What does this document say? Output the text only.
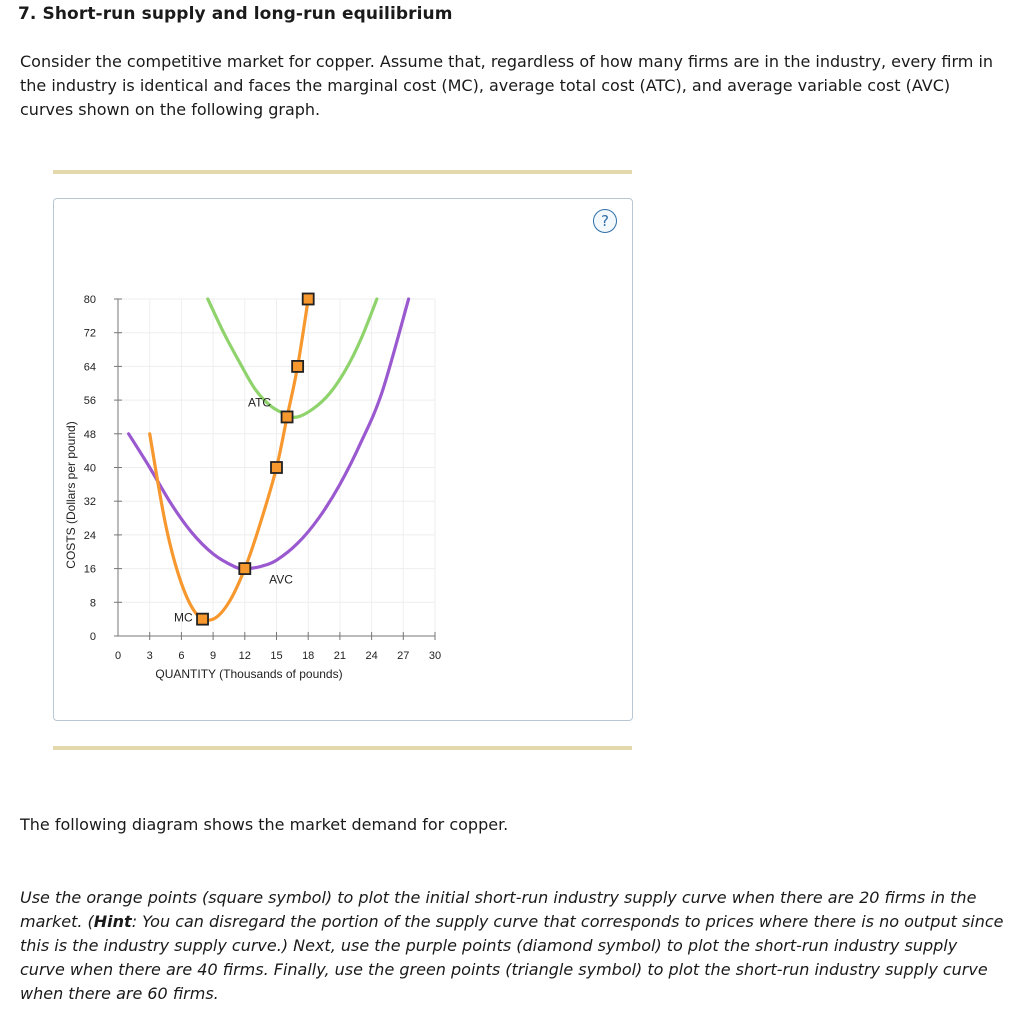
7. Short-run supply and long-run equilibrium
Consider the competitive market for copper. Assume that, regardless of how many firms are in the industry, every firm in the industry is identical and faces the marginal cost (MC), average total cost (ATC), and average variable cost (AVC) curves shown on the following graph.
?
0
8
16
24
32
40
48
56
64
72
80
0 3 6 9 12 15 18 21 24 27 30
MC
ATC
AVC
QUANTITY (Thousands of pounds)
COSTS (Dollars per pound)
The following diagram shows the market demand for copper.
Use the orange points (square symbol) to plot the initial short-run industry supply curve when there are 20 firms in the market. (Hint: You can disregard the portion of the supply curve that corresponds to prices where there is no output since this is the industry supply curve.) Next, use the purple points (diamond symbol) to plot the short-run industry supply curve when there are 40 firms. Finally, use the green points (triangle symbol) to plot the short-run industry supply curve when there are 60 firms.
